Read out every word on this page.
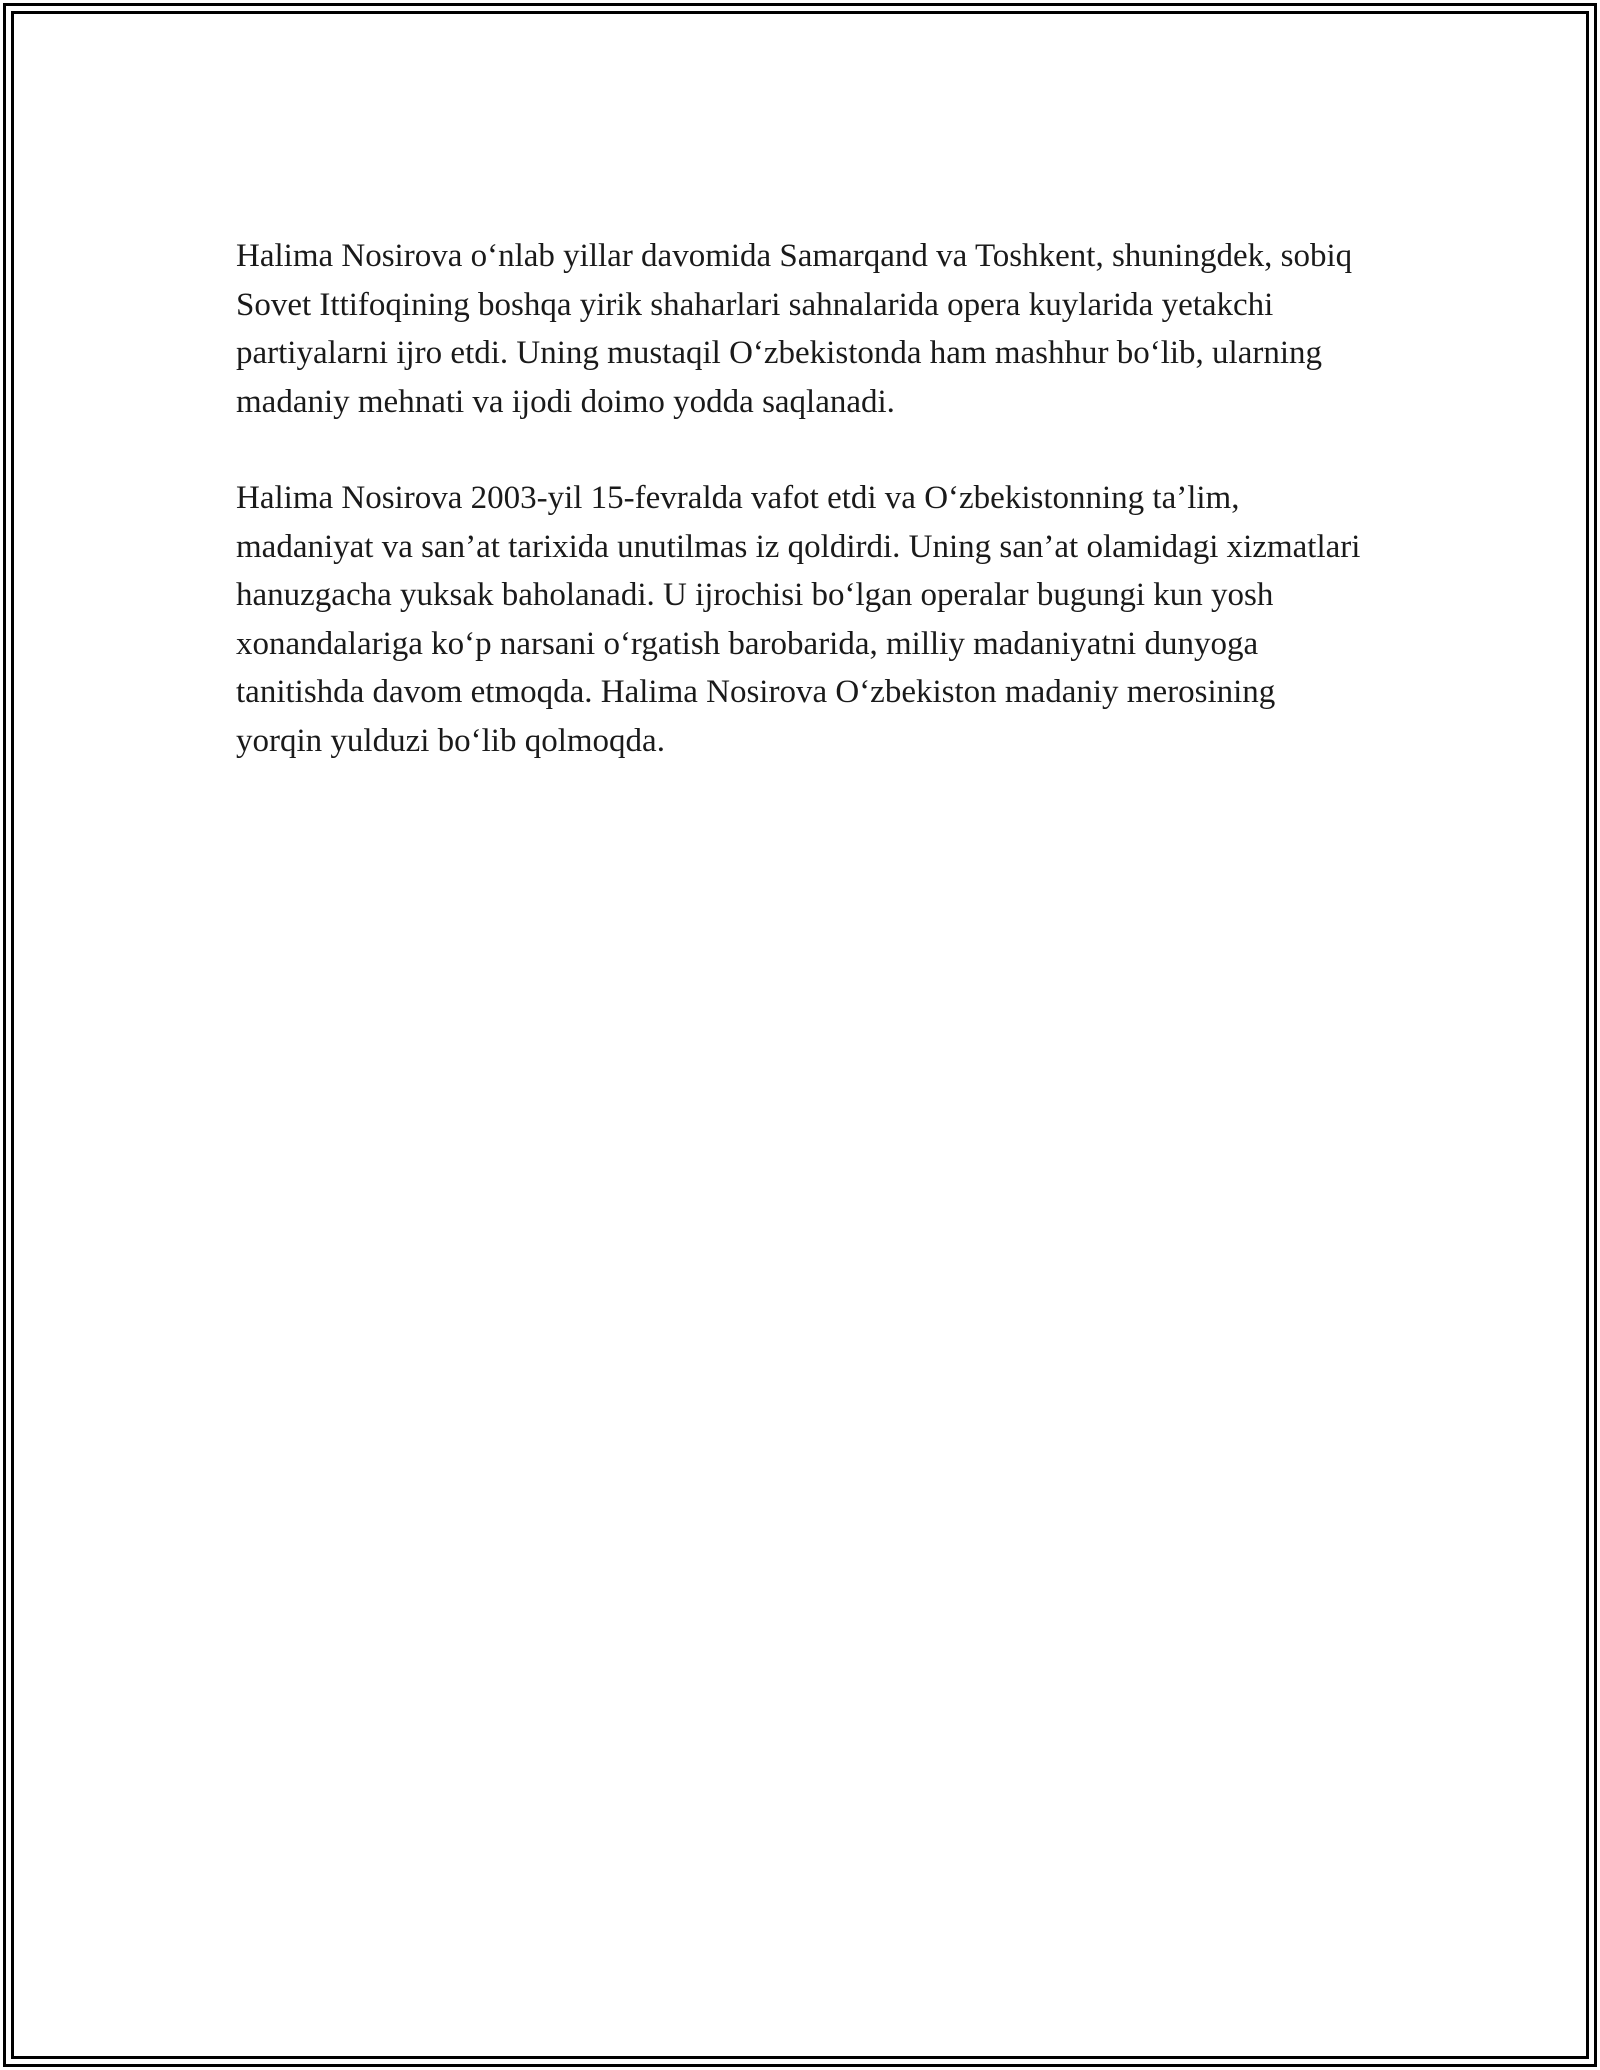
Halima Nosirova o‘nlab yillar davomida Samarqand va Toshkent, shuningdek, sobiq Sovet Ittifoqining boshqa yirik shaharlari sahnalarida opera kuylarida yetakchi partiyalarni ijro etdi. Uning mustaqil O‘zbekistonda ham mashhur bo‘lib, ularning madaniy mehnati va ijodi doimo yodda saqlanadi.

Halima Nosirova 2003-yil 15-fevralda vafot etdi va O‘zbekistonning ta’lim, madaniyat va san’at tarixida unutilmas iz qoldirdi. Uning san’at olamidagi xizmatlari hanuzgacha yuksak baholanadi. U ijrochisi bo‘lgan operalar bugungi kun yosh xonandalariga ko‘p narsani o‘rgatish barobarida, milliy madaniyatni dunyoga tanitishda davom etmoqda. Halima Nosirova O‘zbekiston madaniy merosining yorqin yulduzi bo‘lib qolmoqda.
